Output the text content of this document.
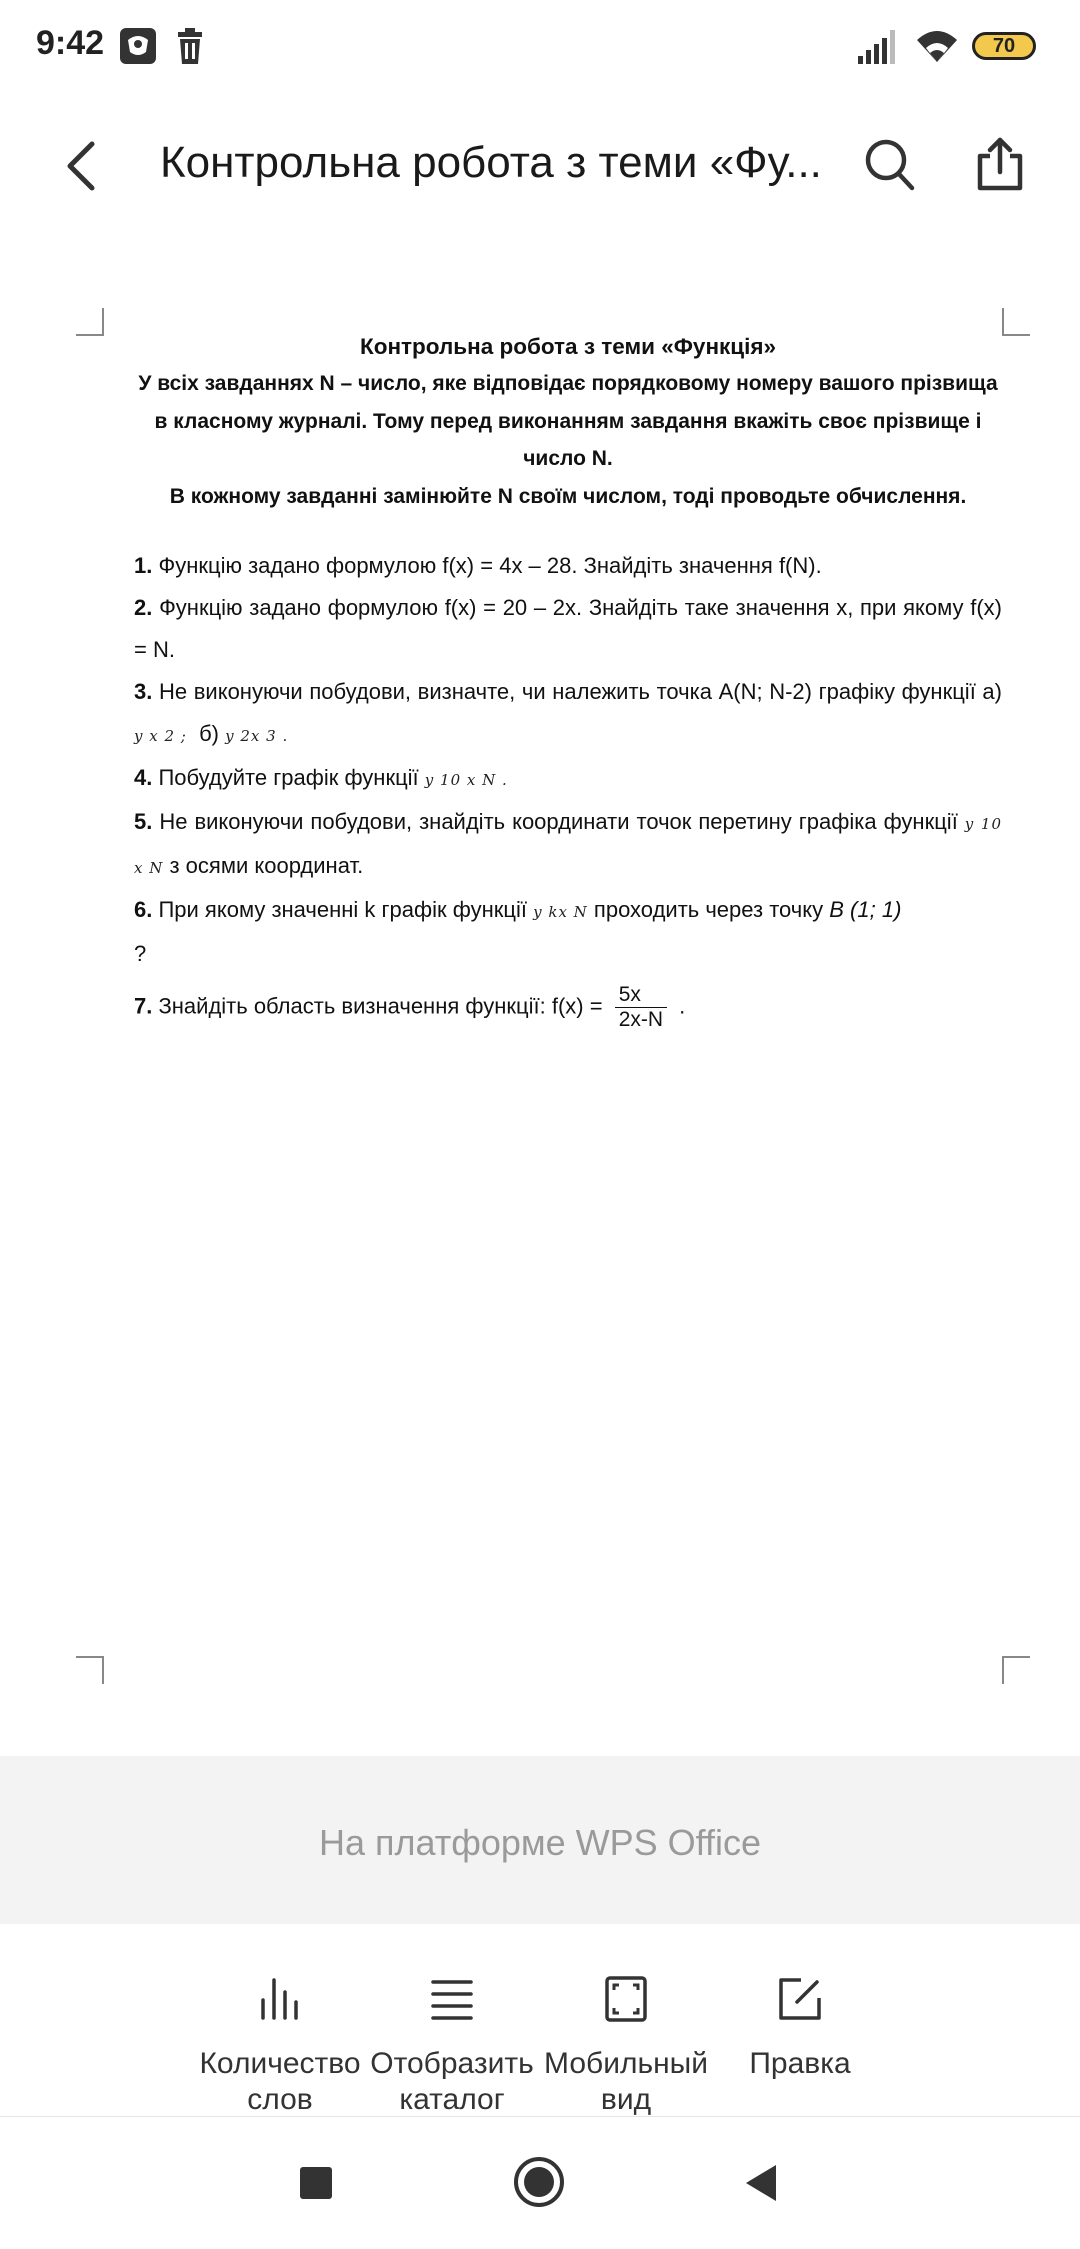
9:42	70
Контрольна робота з теми «Фу...
Контрольна робота з теми «Функція»
У всіх завданнях N – число, яке відповідає порядковому номеру вашого прізвища
в класному журналі. Тому перед виконанням завдання вкажіть своє прізвище і
число N.
В кожному завданні замінюйте N своїм числом, тоді проводьте обчислення.

1. Функцію задано формулою f(x) = 4x – 28. Знайдіть значення f(N).

2. Функцію задано формулою f(x) = 20 – 2x. Знайдіть таке значення x, при якому f(x) = N.

3. Не виконуючи побудови, визначте, чи належить точка A(N; N-2) графіку функції а) y x 2 ; б) y 2x 3 .

4. Побудуйте графік функції y 10 x N .

5. Не виконуючи побудови, знайдіть координати точок перетину графіка функції y 10 x N з осями координат.

6. При якому значенні k графік функції y kx N проходить через точку B (1; 1)
?

7. Знайдіть область визначення функції: $f(x) = \frac{5x}{2x-N}$ .

На платформе WPS Office
Количество
слов
Отобразить
каталог
Мобильный
вид
Правка
